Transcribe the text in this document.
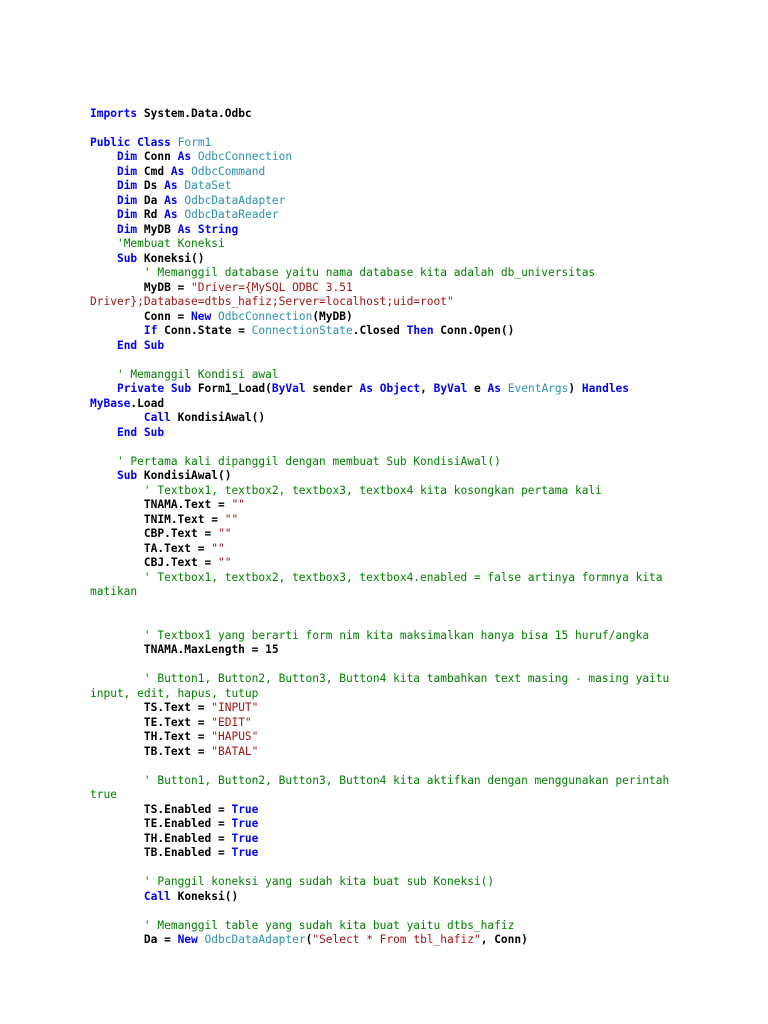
Imports System.Data.Odbc

Public Class Form1
Dim Conn As OdbcConnection
Dim Cmd As OdbcCommand
Dim Ds As DataSet
Dim Da As OdbcDataAdapter
Dim Rd As OdbcDataReader
Dim MyDB As String
'Membuat Koneksi
Sub Koneksi()
' Memanggil database yaitu nama database kita adalah db_universitas
MyDB = "Driver={MySQL ODBC 3.51
Driver};Database=dtbs_hafiz;Server=localhost;uid=root"
Conn = New OdbcConnection(MyDB)
If Conn.State = ConnectionState.Closed Then Conn.Open()
End Sub

' Memanggil Kondisi awal
Private Sub Form1_Load(ByVal sender As Object, ByVal e As EventArgs) Handles
MyBase.Load
Call KondisiAwal()
End Sub

' Pertama kali dipanggil dengan membuat Sub KondisiAwal()
Sub KondisiAwal()
' Textbox1, textbox2, textbox3, textbox4 kita kosongkan pertama kali
TNAMA.Text = ""
TNIM.Text = ""
CBP.Text = ""
TA.Text = ""
CBJ.Text = ""
' Textbox1, textbox2, textbox3, textbox4.enabled = false artinya formnya kita
matikan

' Textbox1 yang berarti form nim kita maksimalkan hanya bisa 15 huruf/angka
TNAMA.MaxLength = 15

' Button1, Button2, Button3, Button4 kita tambahkan text masing - masing yaitu
input, edit, hapus, tutup
TS.Text = "INPUT"
TE.Text = "EDIT"
TH.Text = "HAPUS"
TB.Text = "BATAL"

' Button1, Button2, Button3, Button4 kita aktifkan dengan menggunakan perintah
true
TS.Enabled = True
TE.Enabled = True
TH.Enabled = True
TB.Enabled = True

' Panggil koneksi yang sudah kita buat sub Koneksi()
Call Koneksi()

' Memanggil table yang sudah kita buat yaitu dtbs_hafiz
Da = New OdbcDataAdapter("Select * From tbl_hafiz", Conn)
